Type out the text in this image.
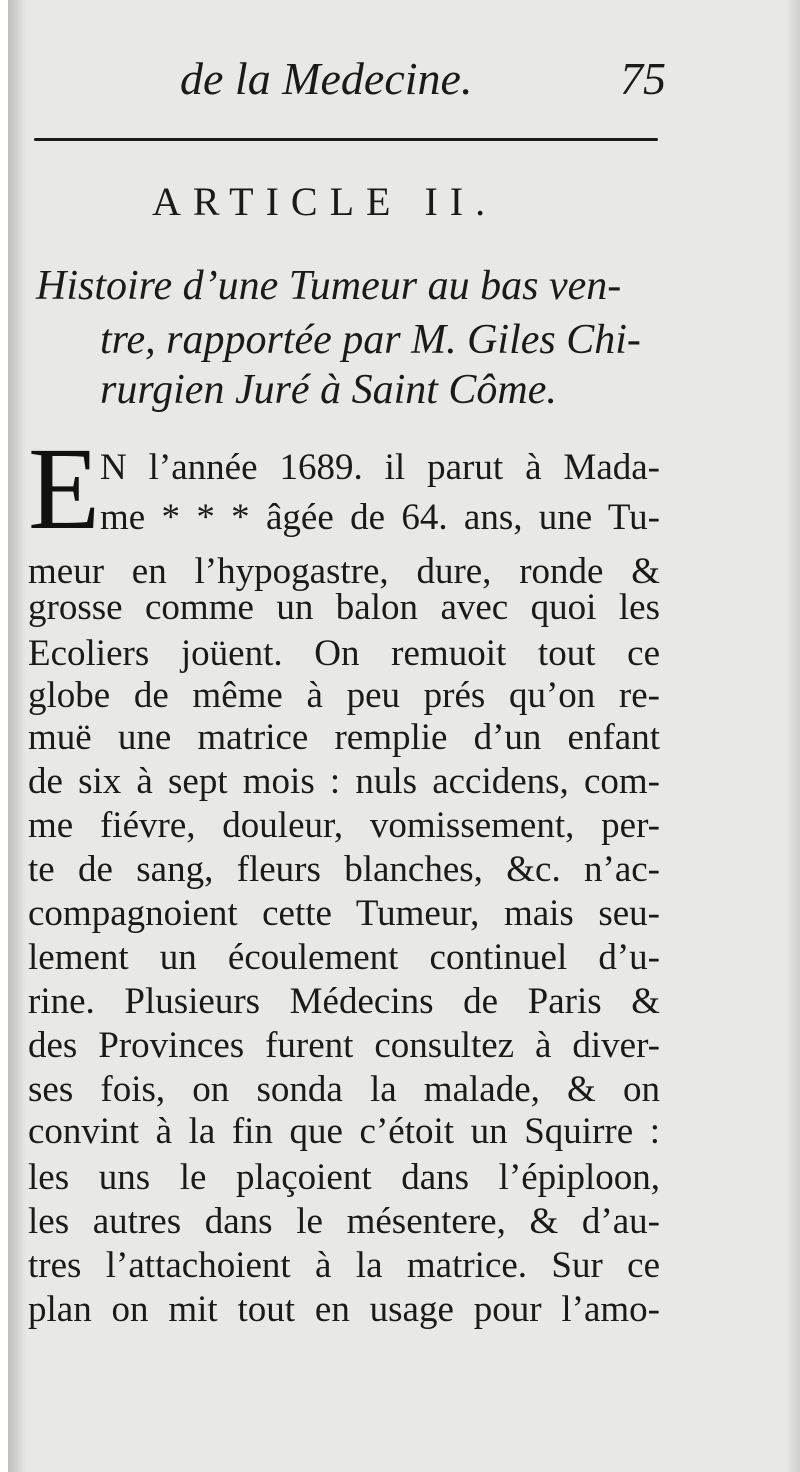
de la Medecine.	75
ARTICLE II.
Histoire d’une Tumeur au bas ven-
tre, rapportée par M. Giles Chi-
rurgien Juré à Saint Côme.
E N l’année 1689. il parut à Mada-
me * * * âgée de 64. ans, une Tu-
meur en l’hypogastre, dure, ronde &
grosse comme un balon avec quoi les
Ecoliers joüent. On remuoit tout ce
globe de même à peu prés qu’on re-
muë une matrice remplie d’un enfant
de six à sept mois : nuls accidens, com-
me fiévre, douleur, vomissement, per-
te de sang, fleurs blanches, &c. n’ac-
compagnoient cette Tumeur, mais seu-
lement un écoulement continuel d’u-
rine. Plusieurs Médecins de Paris &
des Provinces furent consultez à diver-
ses fois, on sonda la malade, & on
convint à la fin que c’étoit un Squirre :
les uns le plaçoient dans l’épiploon,
les autres dans le mésentere, & d’au-
tres l’attachoient à la matrice. Sur ce
plan on mit tout en usage pour l’amo-
